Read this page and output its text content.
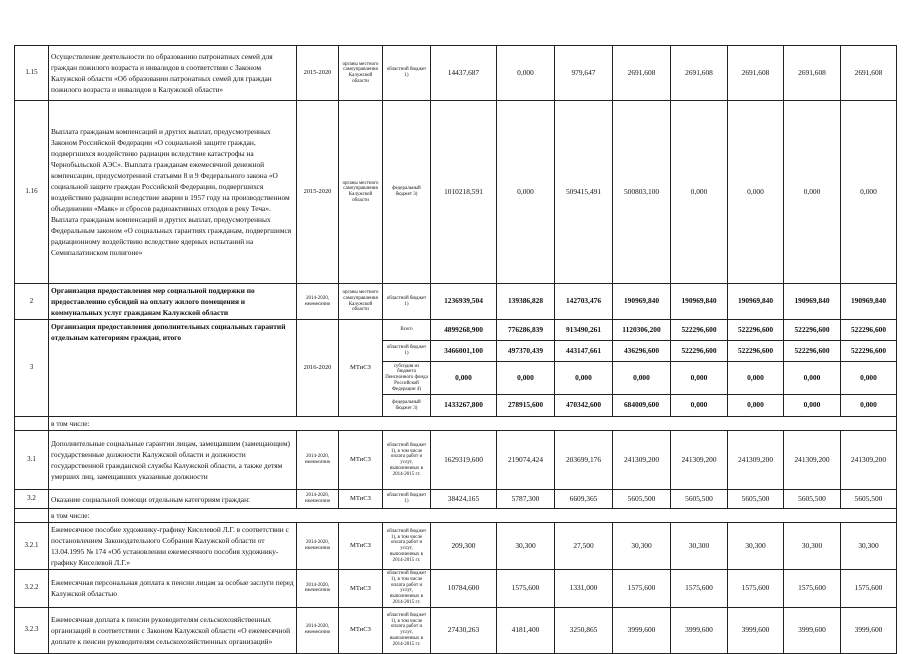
1.15	Осуществление деятельности по образованию патронатных семей для граждан пожилого возраста и инвалидов в соответствии с Законом Калужской области «Об образовании патронатных семей для граждан пожилого возраста и инвалидов в Калужской области»	2015-2020	органы местного самоуправления Калужской области	областной бюджет 1)	14437,687	0,000	979,647	2691,608	2691,608	2691,608	2691,608	2691,608
1.16	Выплата гражданам компенсаций и других выплат, предусмотренных Законом Российской Федерации «О социальной защите граждан, подвергшихся воздействию радиации вследствие катастрофы на Чернобыльской АЭС». Выплата гражданам ежемесячной денежной компенсации, предусмотренной статьями 8 и 9 Федерального закона «О социальной защите граждан Российской Федерации, подвергшихся воздействию радиации вследствие аварии в 1957 году на производственном объединении «Маяк» и сбросов радиоактивных отходов в реку Теча». Выплата гражданам компенсаций и других выплат, предусмотренных Федеральным законом «О социальных гарантиях гражданам, подвергшимся радиационному воздействию вследствие ядерных испытаний на Семипалатинском полигоне»	2015-2020	органы местного самоуправления Калужской области	федеральный бюджет 3)	1010218,591	0,000	509415,491	500803,100	0,000	0,000	0,000	0,000
2	Организация предоставления мер социальной поддержки по предоставлению субсидий на оплату жилого помещения и коммунальных услуг гражданам Калужской области	2014-2020, ежемесячно	органы местного самоуправления Калужской области	областной бюджет 1)	1236939,504	139386,828	142703,476	190969,840	190969,840	190969,840	190969,840	190969,840
3	Организация предоставления дополнительных социальных гарантий отдельным категориям граждан, итого	2016-2020	МТиСЗ	Всего	4899268,900	776286,839	913490,261	1120306,200	522296,600	522296,600	522296,600	522296,600
				областной бюджет 1)	3466001,100	497370,439	443147,661	436296,600	522296,600	522296,600	522296,600	522296,600
				субсидия из бюджета Пенсионного фонда Российской Федерации 4)	0,000	0,000	0,000	0,000	0,000	0,000	0,000	0,000
				федеральный бюджет 3)	1433267,800	278915,600	470342,600	684009,600	0,000	0,000	0,000	0,000
	в том числе:											
3.1	Дополнительные социальные гарантии лицам, замещавшим (замещающим) государственные должности Калужской области и должности государственной гражданской службы Калужской области, а также детям умерших лиц, замещавших указанные должности	2014-2020, ежемесячно	МТиСЗ	областной бюджет 1), в том числе оплата работ и услуг, выполненных в 2014-2015 гг.	1629319,600	219074,424	203699,176	241309,200	241309,200	241309,200	241309,200	241309,200
3.2	Оказание социальной помощи отдельным категориям граждан:	2014-2020, ежемесячно	МТиСЗ	областной бюджет 1)	38424,165	5787,300	6609,365	5605,500	5605,500	5605,500	5605,500	5605,500
	в том числе:											
3.2.1	Ежемесячное пособие художнику-графику Киселевой Л.Г. в соответствии с постановлением Законодательного Собрания Калужской области от 13.04.1995 № 174 «Об установлении ежемесячного пособия художнику-графику Киселевой Л.Г.»	2014-2020, ежемесячно	МТиСЗ	областной бюджет 1), в том числе оплата работ и услуг, выполненных в 2014-2015 гг.	209,300	30,300	27,500	30,300	30,300	30,300	30,300	30,300
3.2.2	Ежемесячная персональная доплата к пенсии лицам за особые заслуги перед Калужской областью	2014-2020, ежемесячно	МТиСЗ	областной бюджет 1), в том числе оплата работ и услуг, выполненных в 2014-2015 гг.	10784,600	1575,600	1331,000	1575,600	1575,600	1575,600	1575,600	1575,600
3.2.3	Ежемесячная доплата к пенсии руководителям сельскохозяйственных организаций в соответствии с Законом Калужской области «О ежемесячной доплате к пенсии руководителям сельскохозяйственных организаций»	2014-2020, ежемесячно	МТиСЗ	областной бюджет 1), в том числе оплата работ и услуг, выполненных в 2014-2015 гг.	27430,263	4181,400	3250,865	3999,600	3999,600	3999,600	3999,600	3999,600
